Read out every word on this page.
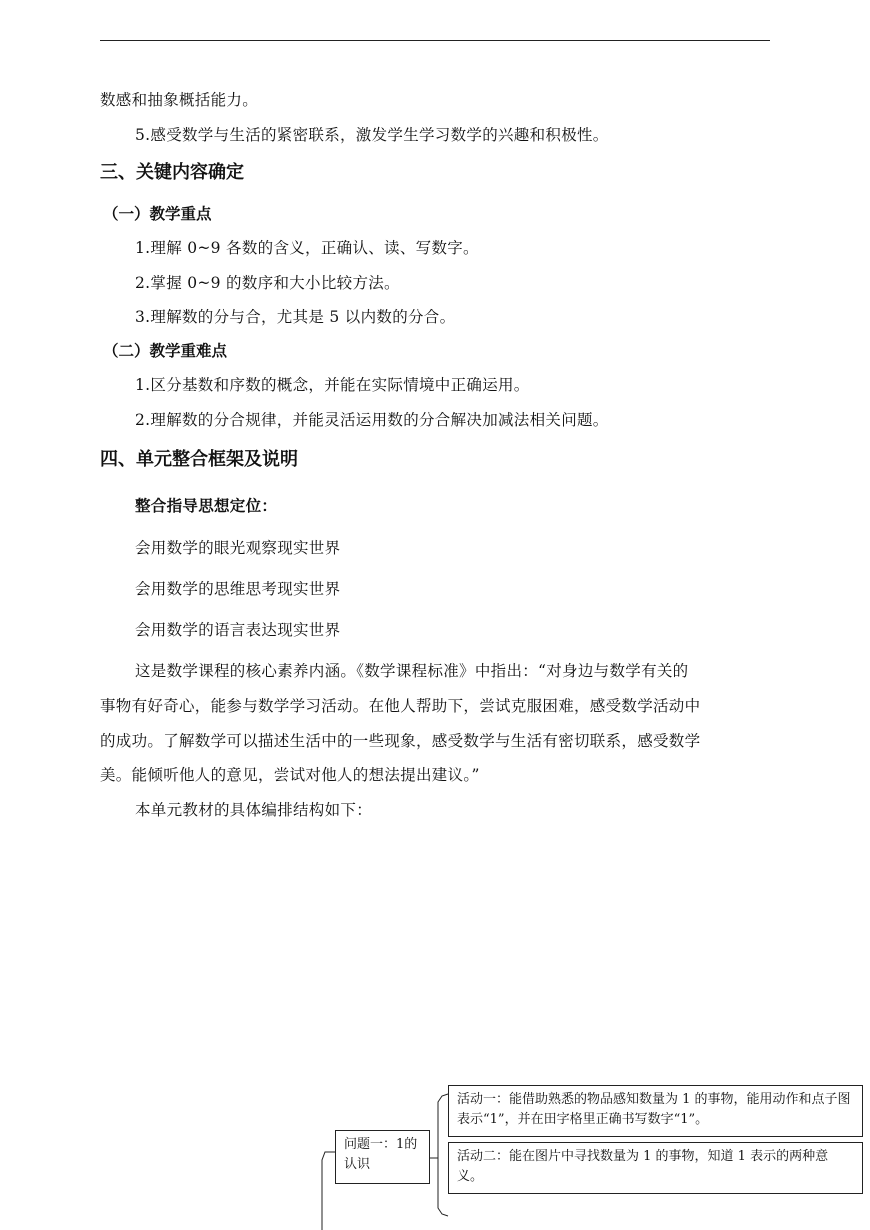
数感和抽象概括能力。
5.感受数学与生活的紧密联系，激发学生学习数学的兴趣和积极性。
三、关键内容确定
（一）教学重点
1.理解 0~9 各数的含义，正确认、读、写数字。
2.掌握 0~9 的数序和大小比较方法。
3.理解数的分与合，尤其是 5 以内数的分合。
（二）教学重难点
1.区分基数和序数的概念，并能在实际情境中正确运用。
2.理解数的分合规律，并能灵活运用数的分合解决加减法相关问题。
四、单元整合框架及说明
整合指导思想定位：
会用数学的眼光观察现实世界
会用数学的思维思考现实世界
会用数学的语言表达现实世界
这是数学课程的核心素养内涵。《数学课程标准》中指出：“对身边与数学有关的
事物有好奇心，能参与数学学习活动。在他人帮助下，尝试克服困难，感受数学活动中
的成功。了解数学可以描述生活中的一些现象，感受数学与生活有密切联系，感受数学
美。能倾听他人的意见，尝试对他人的想法提出建议。”
本单元教材的具体编排结构如下：
问题一：1的认识
活动一：能借助熟悉的物品感知数量为 1 的事物，能用动作和点子图表示“1”，并在田字格里正确书写数字“1”。
活动二：能在图片中寻找数量为 1 的事物，知道 1 表示的两种意义。
